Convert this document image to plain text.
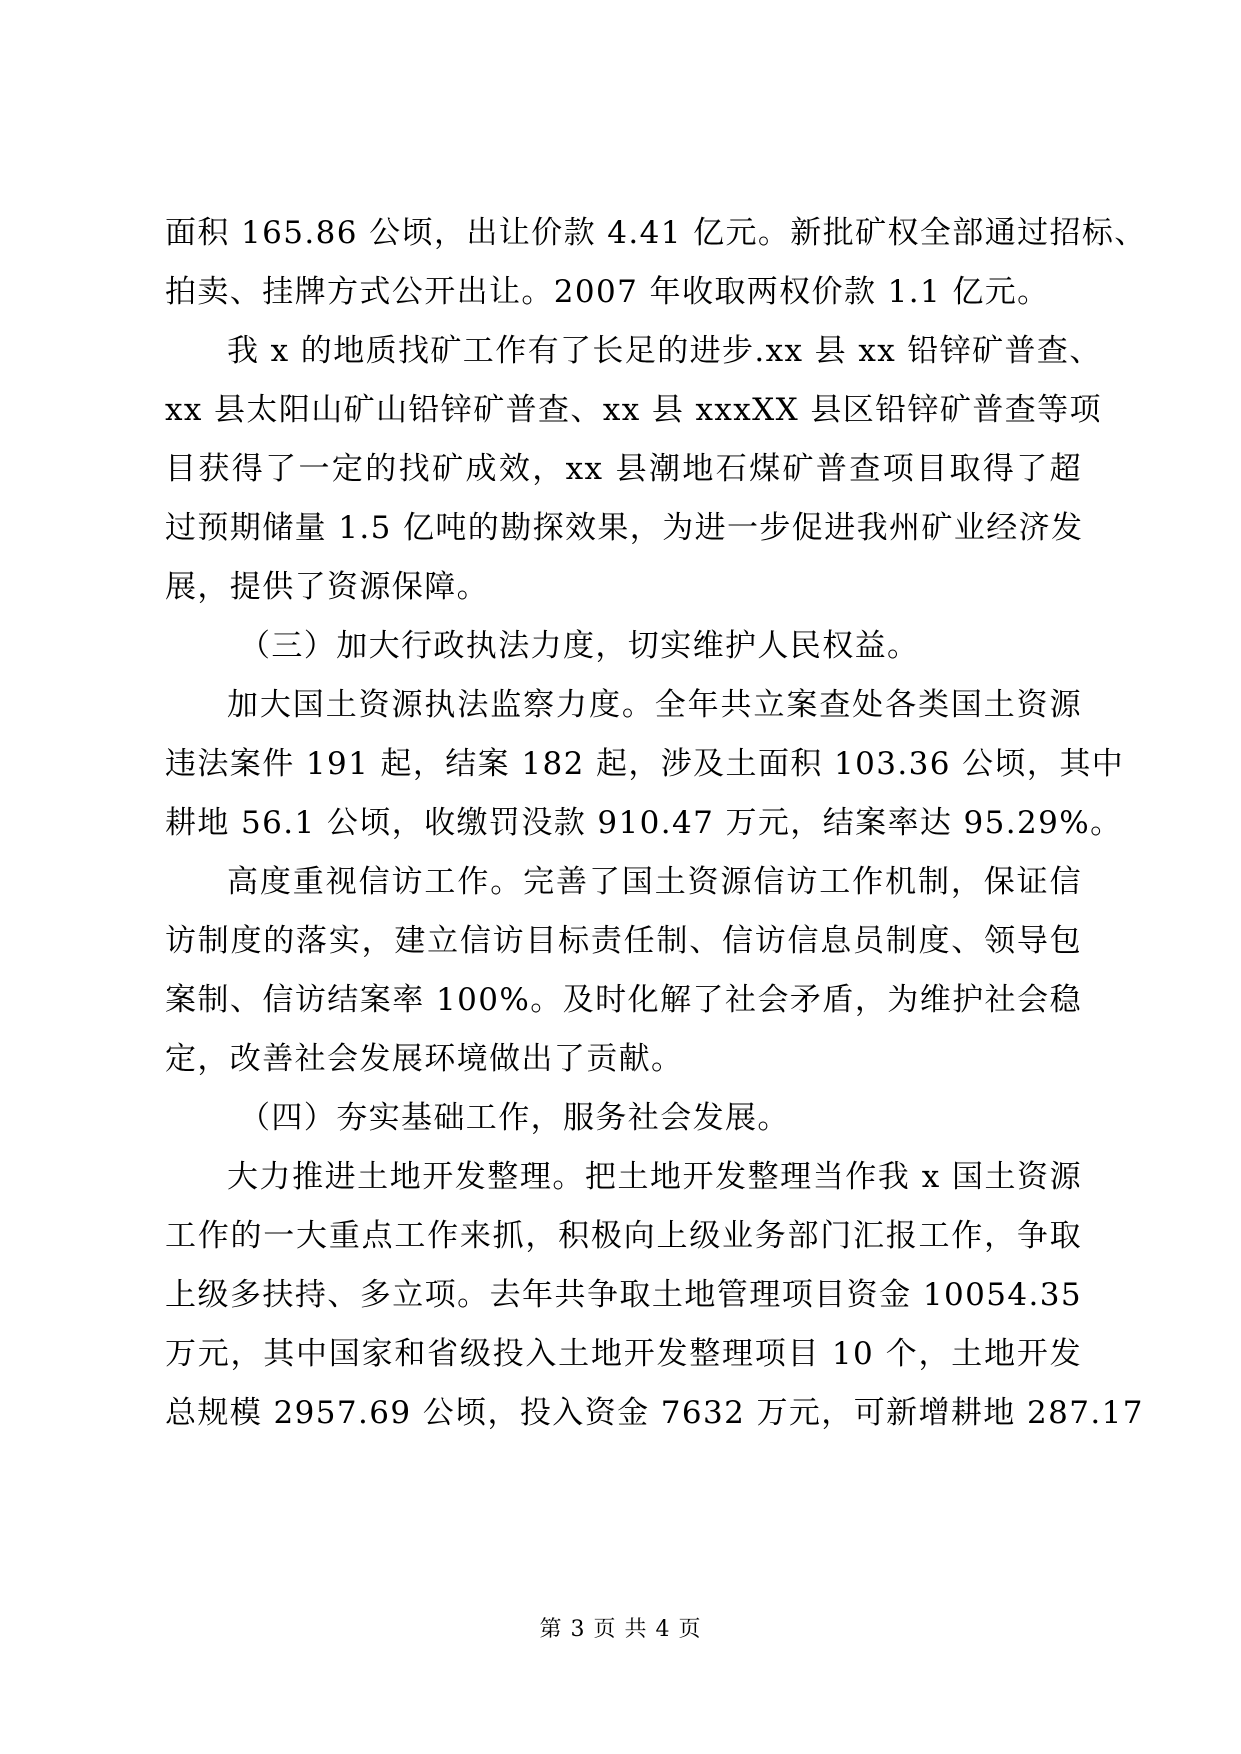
面积 165.86 公顷，出让价款 4.41 亿元。新批矿权全部通过招标、
拍卖、挂牌方式公开出让。2007 年收取两权价款 1.1 亿元。
我 x 的地质找矿工作有了长足的进步.xx 县 xx 铅锌矿普查、
xx 县太阳山矿山铅锌矿普查、xx 县 xxxXX 县区铅锌矿普查等项
目获得了一定的找矿成效，xx 县潮地石煤矿普查项目取得了超
过预期储量 1.5 亿吨的勘探效果，为进一步促进我州矿业经济发
展，提供了资源保障。
（三）加大行政执法力度，切实维护人民权益。
加大国土资源执法监察力度。全年共立案查处各类国土资源
违法案件 191 起，结案 182 起，涉及土面积 103.36 公顷，其中
耕地 56.1 公顷，收缴罚没款 910.47 万元，结案率达 95.29%。
高度重视信访工作。完善了国土资源信访工作机制，保证信
访制度的落实，建立信访目标责任制、信访信息员制度、领导包
案制、信访结案率 100%。及时化解了社会矛盾，为维护社会稳
定，改善社会发展环境做出了贡献。
（四）夯实基础工作，服务社会发展。
大力推进土地开发整理。把土地开发整理当作我 x 国土资源
工作的一大重点工作来抓，积极向上级业务部门汇报工作，争取
上级多扶持、多立项。去年共争取土地管理项目资金 10054.35
万元，其中国家和省级投入土地开发整理项目 10 个，土地开发
总规模 2957.69 公顷，投入资金 7632 万元，可新增耕地 287.17
第 3 页 共 4 页
